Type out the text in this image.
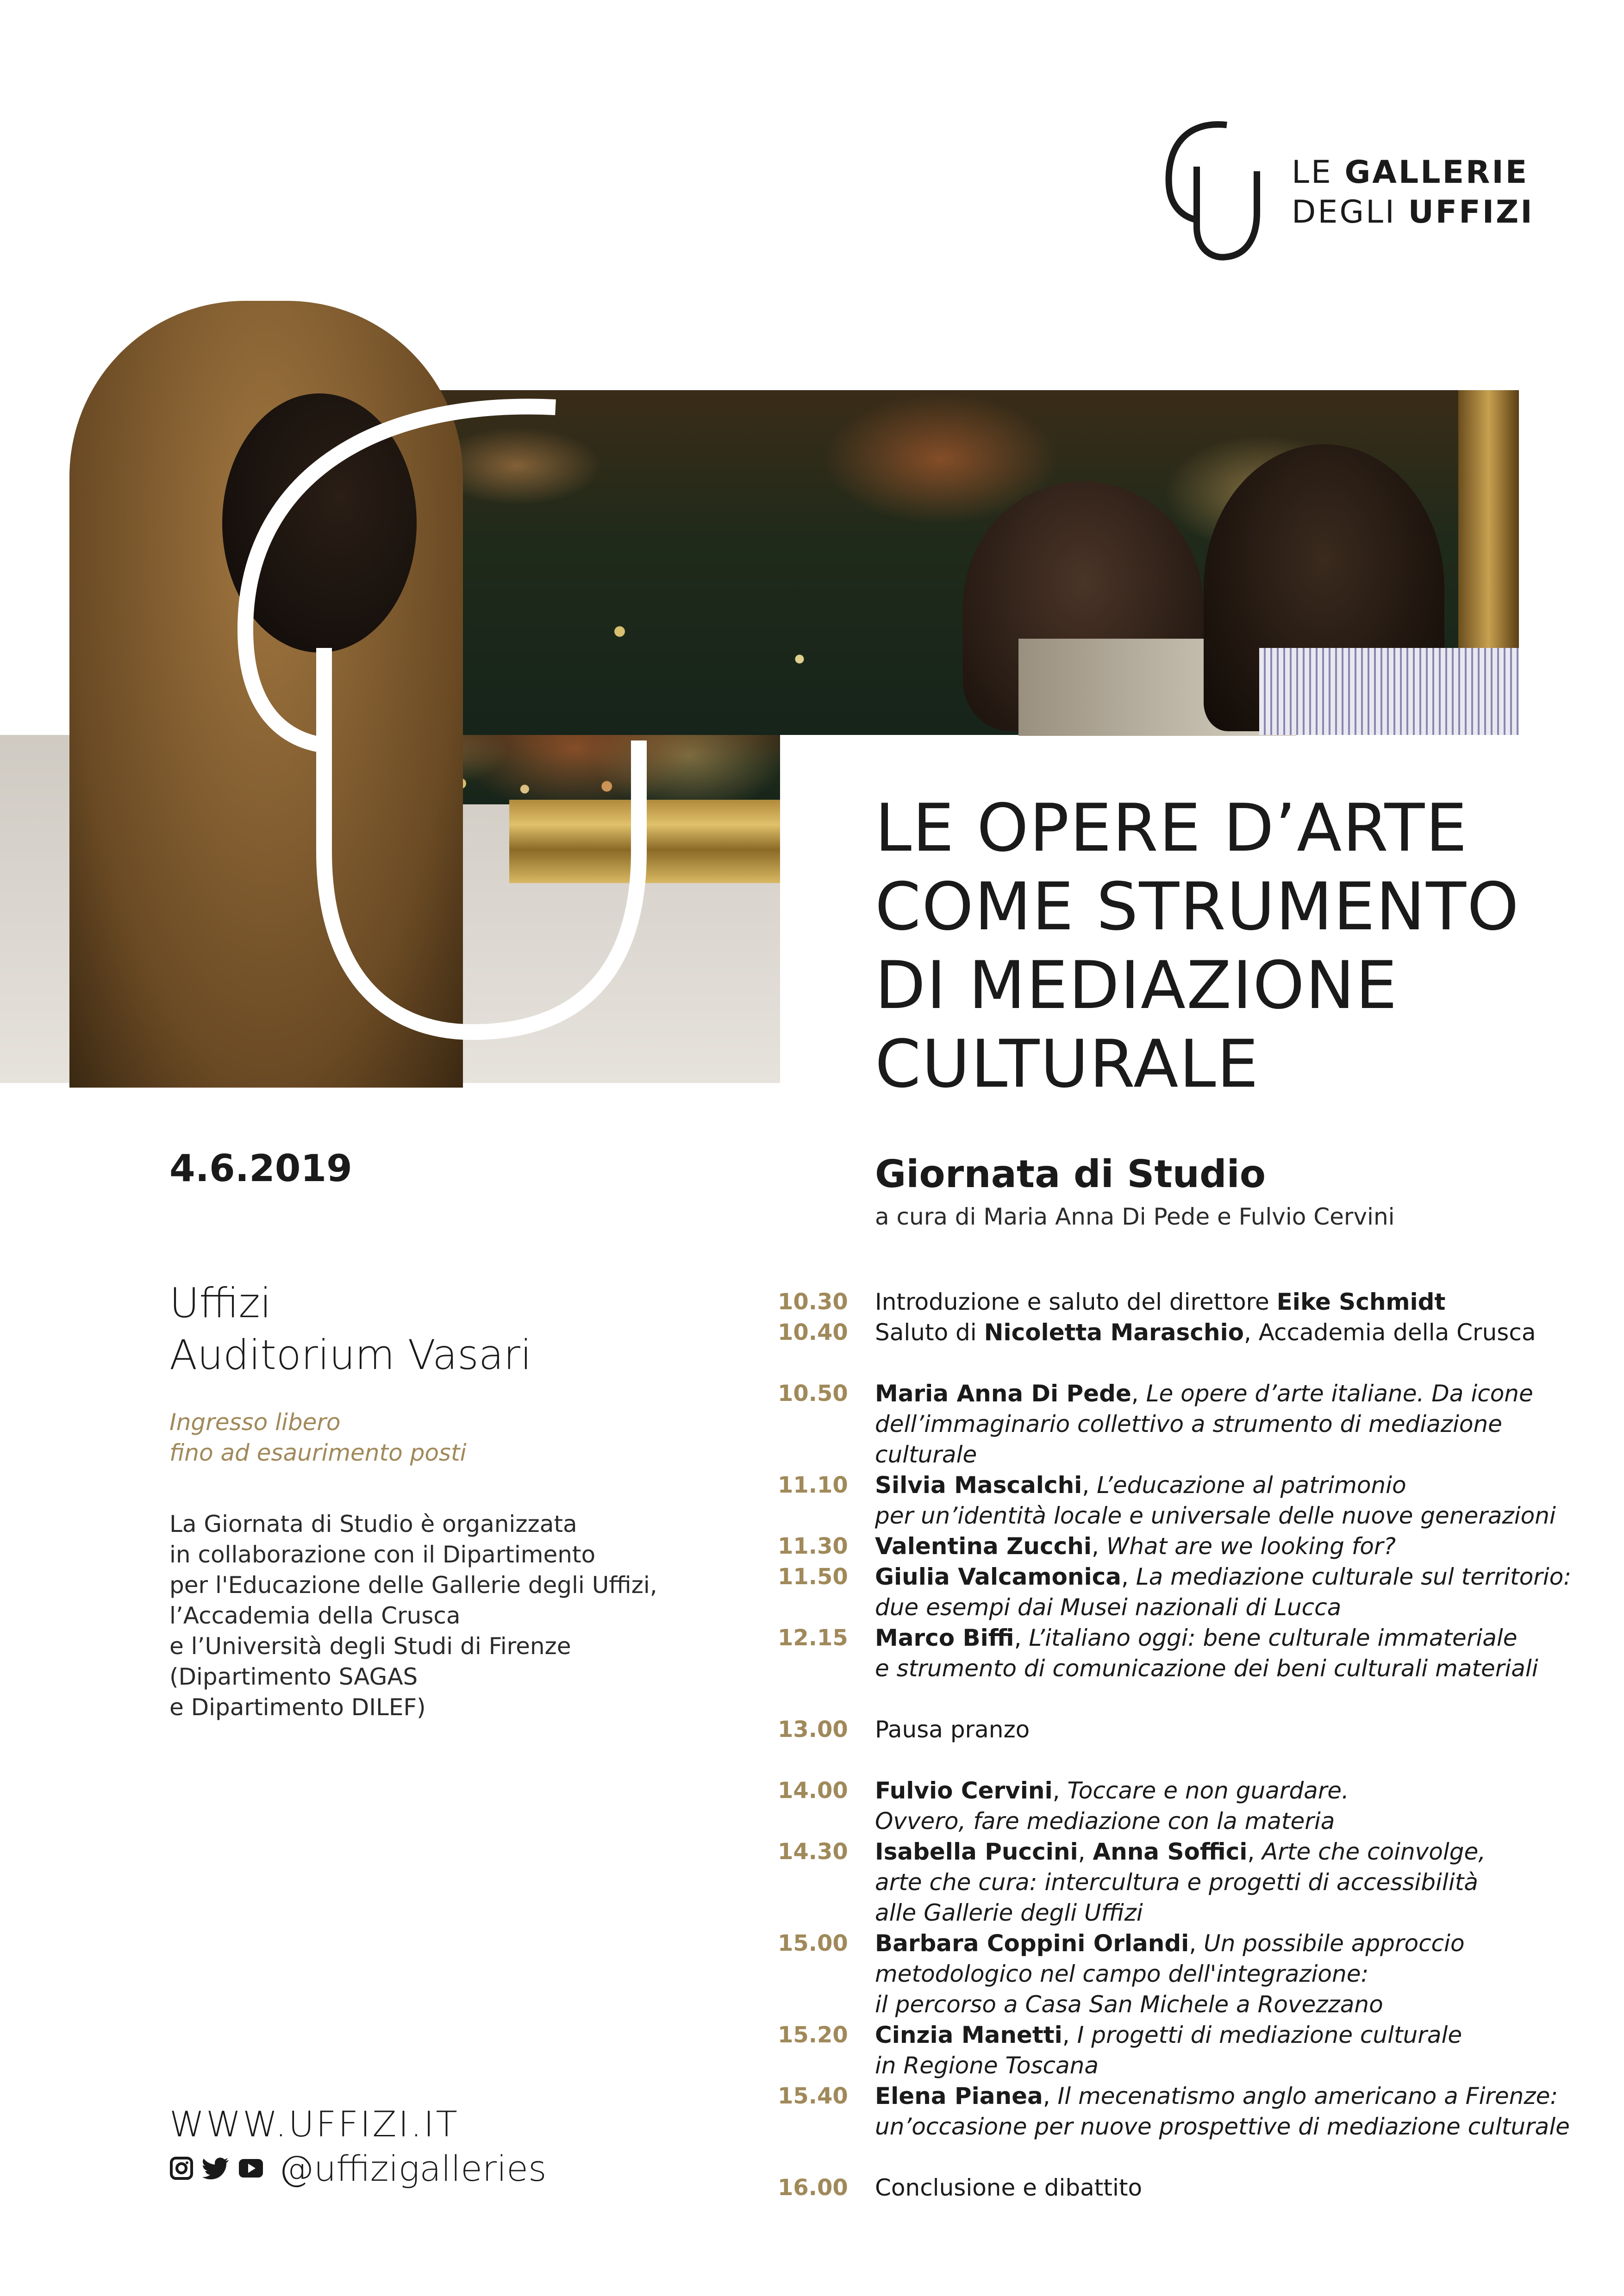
LE GALLERIE
DEGLI UFFIZI
LE OPERE D’ARTE
COME STRUMENTO
DI MEDIAZIONE
CULTURALE
4.6.2019
Uffizi
Auditorium Vasari
Ingresso libero
fino ad esaurimento posti
La Giornata di Studio è organizzata
in collaborazione con il Dipartimento
per l'Educazione delle Gallerie degli Uffizi,
l’Accademia della Crusca
e l’Università degli Studi di Firenze
(Dipartimento SAGAS
e Dipartimento DILEF)
WWW.UFFIZI.IT
@uffizigalleries
Giornata di Studio
a cura di Maria Anna Di Pede e Fulvio Cervini
10.30 Introduzione e saluto del direttore Eike Schmidt
10.40 Saluto di Nicoletta Maraschio, Accademia della Crusca
10.50 Maria Anna Di Pede, Le opere d’arte italiane. Da icone
dell’immaginario collettivo a strumento di mediazione culturale
11.10 Silvia Mascalchi, L’educazione al patrimonio
per un’identità locale e universale delle nuove generazioni
11.30 Valentina Zucchi, What are we looking for?
11.50 Giulia Valcamonica, La mediazione culturale sul territorio:
due esempi dai Musei nazionali di Lucca
12.15 Marco Biffi, L’italiano oggi: bene culturale immateriale
e strumento di comunicazione dei beni culturali materiali
13.00 Pausa pranzo
14.00 Fulvio Cervini, Toccare e non guardare.
Ovvero, fare mediazione con la materia
14.30 Isabella Puccini, Anna Soffici, Arte che coinvolge,
arte che cura: intercultura e progetti di accessibilità
alle Gallerie degli Uffizi
15.00 Barbara Coppini Orlandi, Un possibile approccio
metodologico nel campo dell'integrazione:
il percorso a Casa San Michele a Rovezzano
15.20 Cinzia Manetti, I progetti di mediazione culturale
in Regione Toscana
15.40 Elena Pianea, Il mecenatismo anglo americano a Firenze:
un’occasione per nuove prospettive di mediazione culturale
16.00 Conclusione e dibattito
